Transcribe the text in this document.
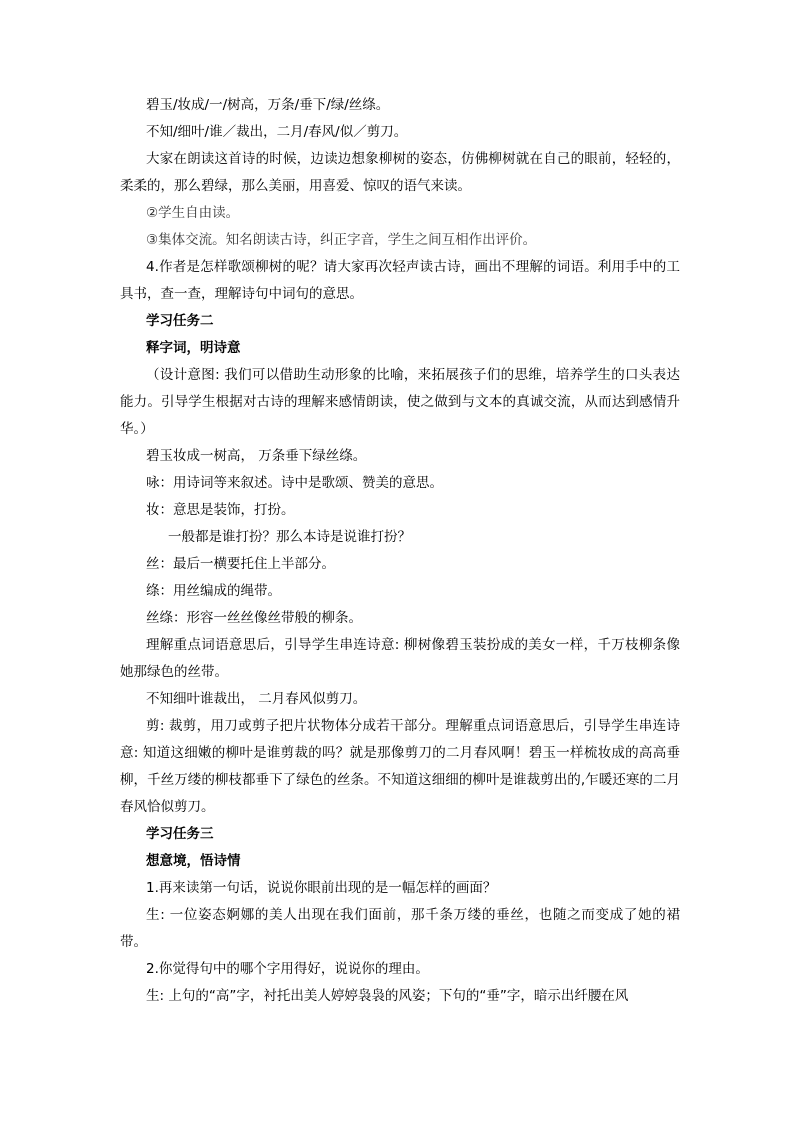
碧玉/妆成/一/树高，万条/垂下/绿/丝绦。

不知/细叶/谁／裁出，二月/春风/似／剪刀。

大家在朗读这首诗的时候，边读边想象柳树的姿态，仿佛柳树就在自己的眼前，轻轻的，柔柔的，那么碧绿，那么美丽，用喜爱、惊叹的语气来读。

②学生自由读。

③集体交流。知名朗读古诗，纠正字音，学生之间互相作出评价。

4.作者是怎样歌颂柳树的呢？请大家再次轻声读古诗，画出不理解的词语。利用手中的工具书，查一查，理解诗句中词句的意思。

学习任务二

释字词，明诗意

（设计意图: 我们可以借助生动形象的比喻，来拓展孩子们的思维，培养学生的口头表达能力。引导学生根据对古诗的理解来感情朗读，使之做到与文本的真诚交流，从而达到感情升华。）

碧玉妆成一树高， 万条垂下绿丝绦。

咏：用诗词等来叙述。诗中是歌颂、赞美的意思。

妆：意思是装饰，打扮。

一般都是谁打扮？那么本诗是说谁打扮？

丝：最后一横要托住上半部分。

绦：用丝编成的绳带。

丝绦：形容一丝丝像丝带般的柳条。

理解重点词语意思后，引导学生串连诗意: 柳树像碧玉装扮成的美女一样，千万枝柳条像她那绿色的丝带。

不知细叶谁裁出， 二月春风似剪刀。

剪: 裁剪，用刀或剪子把片状物体分成若干部分。理解重点词语意思后，引导学生串连诗意: 知道这细嫩的柳叶是谁剪裁的吗？就是那像剪刀的二月春风啊！碧玉一样梳妆成的高高垂柳，千丝万缕的柳枝都垂下了绿色的丝条。不知道这细细的柳叶是谁裁剪出的,乍暖还寒的二月春风恰似剪刀。

学习任务三

想意境，悟诗情

1.再来读第一句话，说说你眼前出现的是一幅怎样的画面？

生: 一位姿态婀娜的美人出现在我们面前，那千条万缕的垂丝，也随之而变成了她的裙带。

2.你觉得句中的哪个字用得好，说说你的理由。

生: 上句的“高”字，衬托出美人婷婷袅袅的风姿；下句的“垂”字，暗示出纤腰在风
